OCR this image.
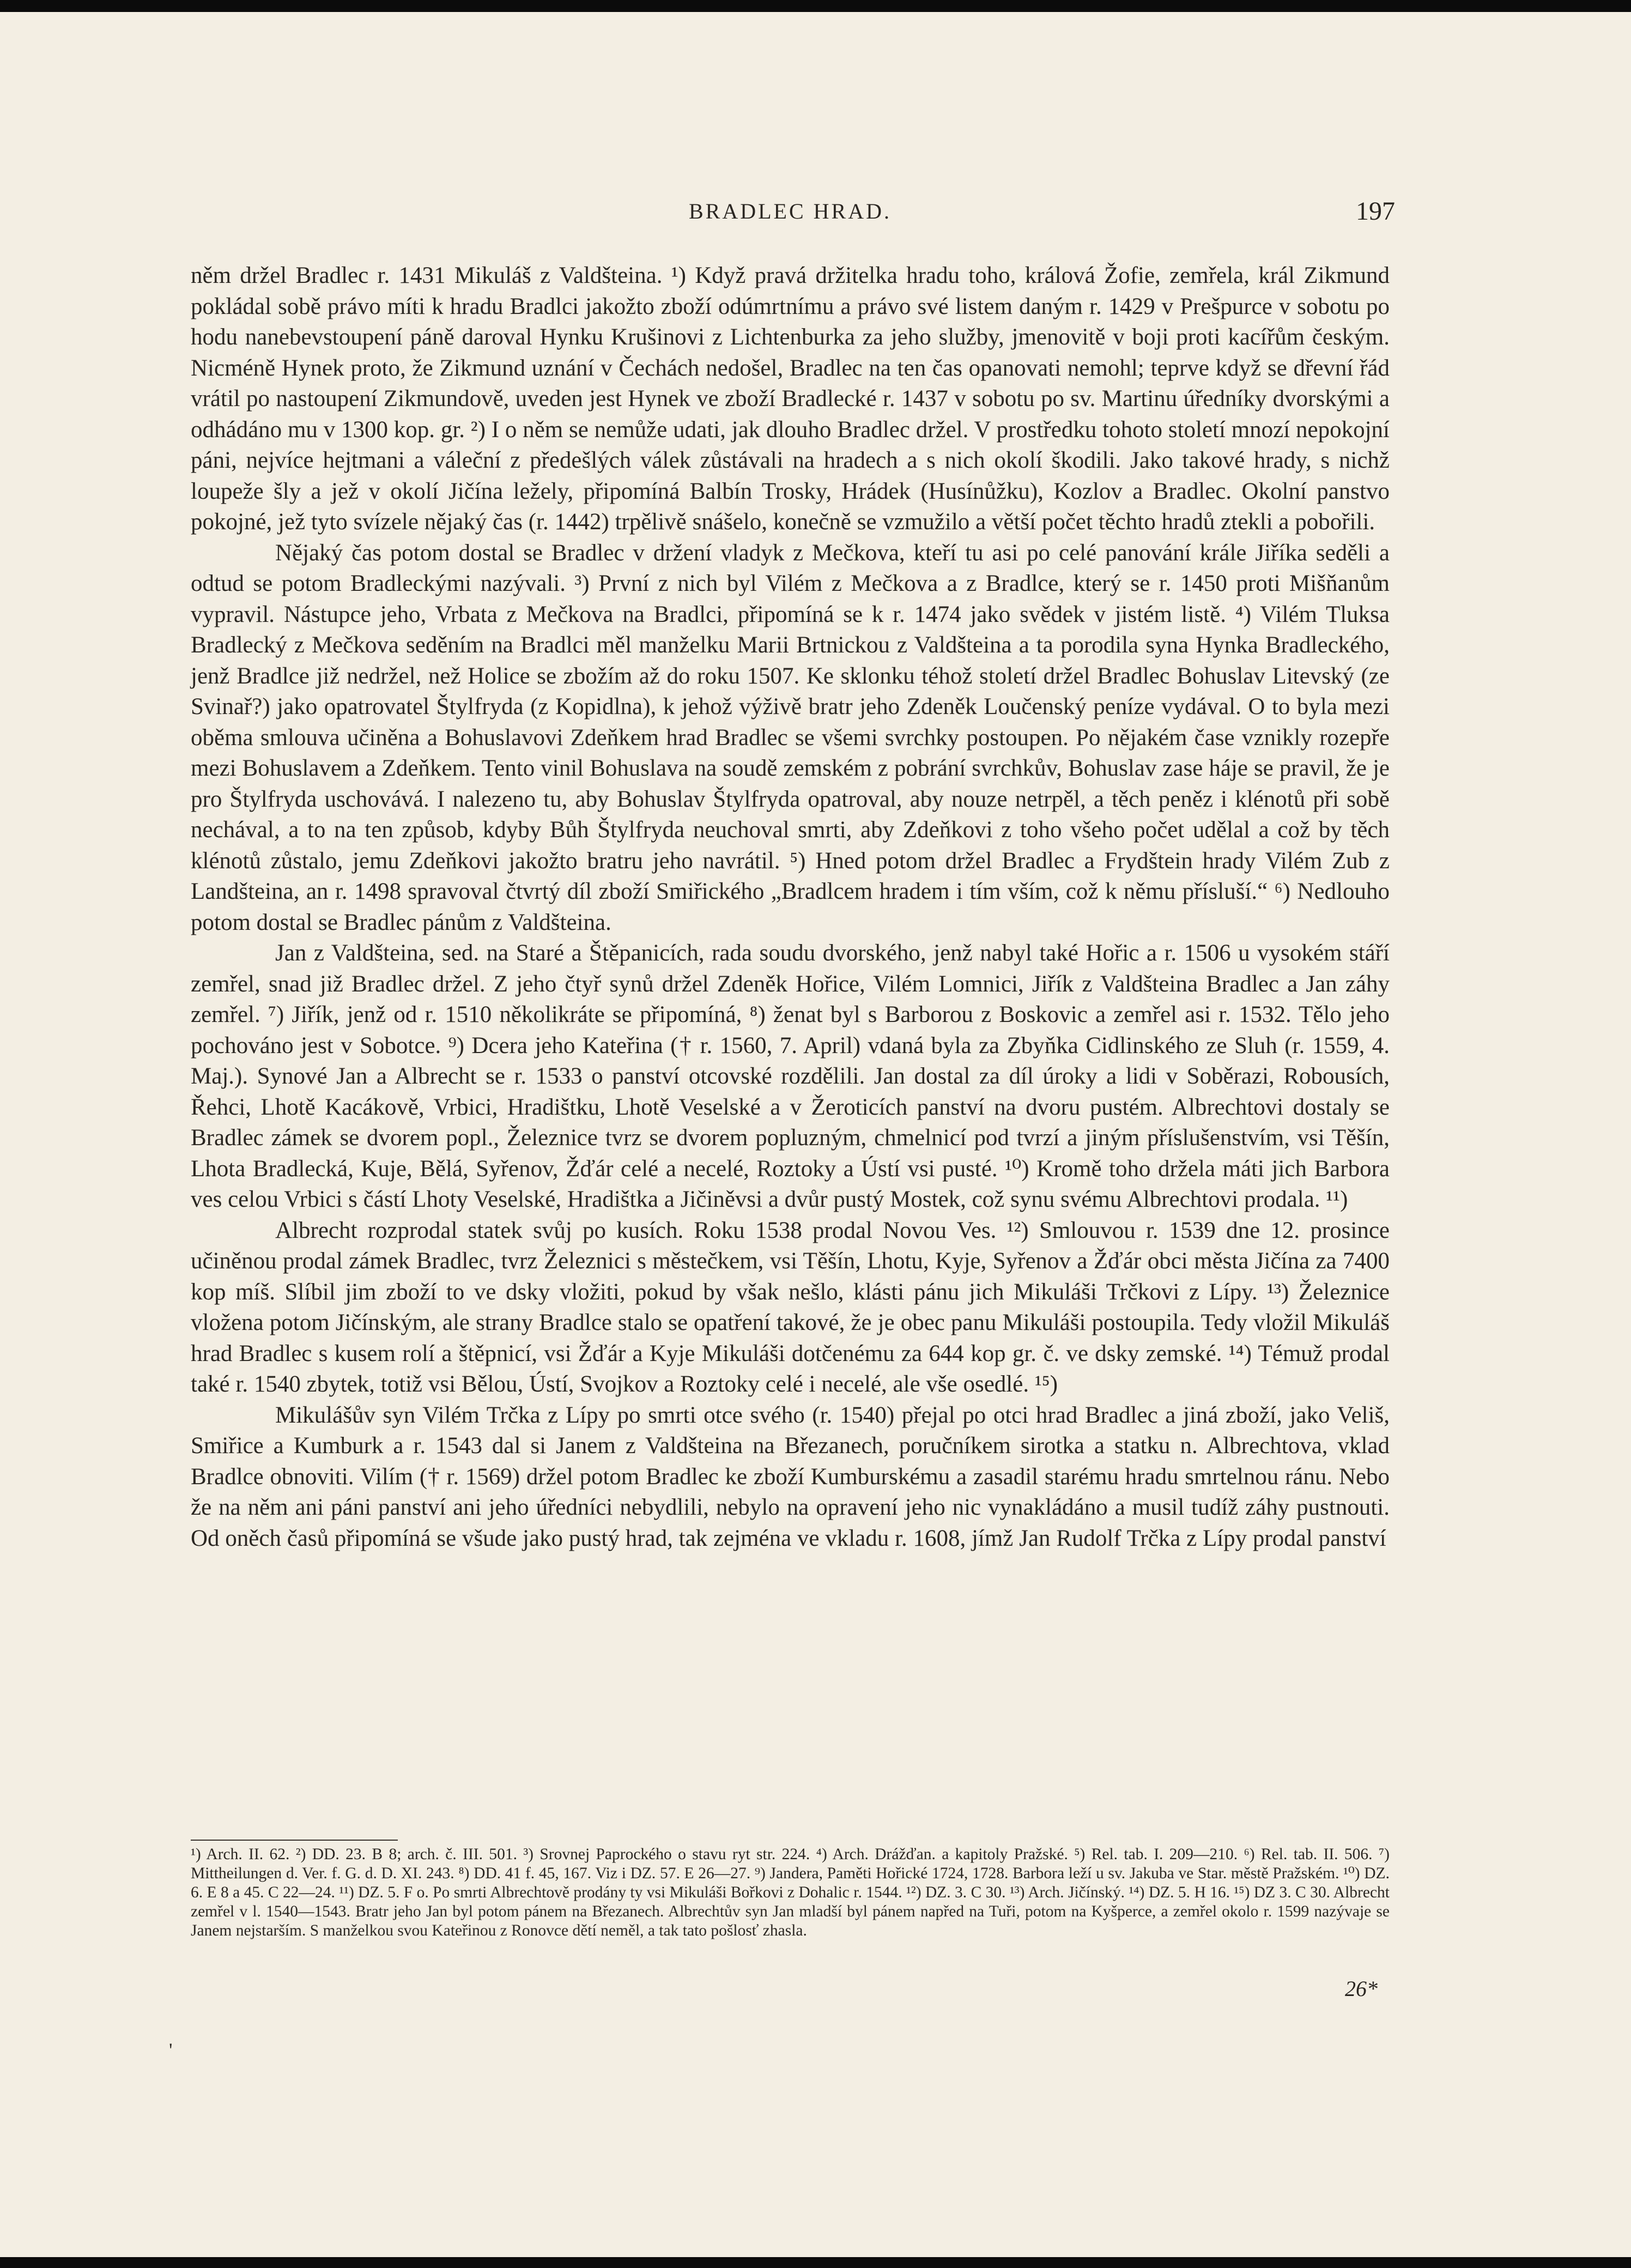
BRADLEC HRAD.	197

něm držel Bradlec r. 1431 Mikuláš z Valdšteina. ¹) Když pravá držitelka hradu toho, králová Žofie, zemřela, král Zikmund pokládal sobě právo míti k hradu Bradlci jakožto zboží odúmrtnímu a právo své listem daným r. 1429 v Prešpurce v sobotu po hodu nanebevstoupení páně daroval Hynku Krušinovi z Lichtenburka za jeho služby, jmenovitě v boji proti kacířům českým. Nicméně Hynek proto, že Zikmund uznání v Čechách nedošel, Bradlec na ten čas opanovati nemohl; teprve když se dřevní řád vrátil po nastoupení Zikmundově, uveden jest Hynek ve zboží Bradlecké r. 1437 v sobotu po sv. Martinu úředníky dvorskými a odhádáno mu v 1300 kop. gr. ²) I o něm se nemůže udati, jak dlouho Bradlec držel. V prostředku tohoto století mnozí nepokojní páni, nejvíce hejtmani a váleční z předešlých válek zůstávali na hradech a s nich okolí škodili. Jako takové hrady, s nichž loupeže šly a jež v okolí Jičína ležely, připomíná Balbín Trosky, Hrádek (Husínůžku), Kozlov a Bradlec. Okolní panstvo pokojné, jež tyto svízele nějaký čas (r. 1442) trpělivě snášelo, konečně se vzmužilo a větší počet těchto hradů ztekli a pobořili.

Nějaký čas potom dostal se Bradlec v držení vladyk z Mečkova, kteří tu asi po celé panování krále Jiříka seděli a odtud se potom Bradleckými nazývali. ³) První z nich byl Vilém z Mečkova a z Bradlce, který se r. 1450 proti Mišňanům vypravil. Nástupce jeho, Vrbata z Mečkova na Bradlci, připomíná se k r. 1474 jako svědek v jistém listě. ⁴) Vilém Tluksa Bradlecký z Mečkova seděním na Bradlci měl manželku Marii Brtnickou z Valdšteina a ta porodila syna Hynka Bradleckého, jenž Bradlce již nedržel, než Holice se zbožím až do roku 1507. Ke sklonku téhož století držel Bradlec Bohuslav Litevský (ze Svinař?) jako opatrovatel Štylfryda (z Kopidlna), k jehož výživě bratr jeho Zdeněk Loučenský peníze vydával. O to byla mezi oběma smlouva učiněna a Bohuslavovi Zdeňkem hrad Bradlec se všemi svrchky postoupen. Po nějakém čase vznikly rozepře mezi Bohuslavem a Zdeňkem. Tento vinil Bohuslava na soudě zemském z pobrání svrchkův, Bohuslav zase háje se pravil, že je pro Štylfryda uschovává. I nalezeno tu, aby Bohuslav Štylfryda opatroval, aby nouze netrpěl, a těch peněz i klénotů při sobě nechával, a to na ten způsob, kdyby Bůh Štylfryda neuchoval smrti, aby Zdeňkovi z toho všeho počet udělal a což by těch klénotů zůstalo, jemu Zdeňkovi jakožto bratru jeho navrátil. ⁵) Hned potom držel Bradlec a Frydštein hrady Vilém Zub z Landšteina, an r. 1498 spravoval čtvrtý díl zboží Smiřického „Bradlcem hradem i tím vším, což k němu přísluší.“ ⁶) Nedlouho potom dostal se Bradlec pánům z Valdšteina.

Jan z Valdšteina, sed. na Staré a Štěpanicích, rada soudu dvorského, jenž nabyl také Hořic a r. 1506 u vysokém stáří zemřel, snad již Bradlec držel. Z jeho čtyř synů držel Zdeněk Hořice, Vilém Lomnici, Jiřík z Valdšteina Bradlec a Jan záhy zemřel. ⁷) Jiřík, jenž od r. 1510 několikráte se připomíná, ⁸) ženat byl s Barborou z Boskovic a zemřel asi r. 1532. Tělo jeho pochováno jest v Sobotce. ⁹) Dcera jeho Kateřina († r. 1560, 7. April) vdaná byla za Zbyňka Cidlinského ze Sluh (r. 1559, 4. Maj.). Synové Jan a Albrecht se r. 1533 o panství otcovské rozdělili. Jan dostal za díl úroky a lidi v Soběrazi, Robousích, Řehci, Lhotě Kacákově, Vrbici, Hradištku, Lhotě Veselské a v Žeroticích panství na dvoru pustém. Albrechtovi dostaly se Bradlec zámek se dvorem popl., Železnice tvrz se dvorem popluzným, chmelnicí pod tvrzí a jiným příslušenstvím, vsi Těšín, Lhota Bradlecká, Kuje, Bělá, Syřenov, Žďár celé a necelé, Roztoky a Ústí vsi pusté. ¹⁰) Kromě toho držela máti jich Barbora ves celou Vrbici s částí Lhoty Veselské, Hradištka a Jičiněvsi a dvůr pustý Mostek, což synu svému Albrechtovi prodala. ¹¹)

Albrecht rozprodal statek svůj po kusích. Roku 1538 prodal Novou Ves. ¹²) Smlouvou r. 1539 dne 12. prosince učiněnou prodal zámek Bradlec, tvrz Železnici s městečkem, vsi Těšín, Lhotu, Kyje, Syřenov a Žďár obci města Jičína za 7400 kop míš. Slíbil jim zboží to ve dsky vložiti, pokud by však nešlo, klásti pánu jich Mikuláši Trčkovi z Lípy. ¹³) Železnice vložena potom Jičínským, ale strany Bradlce stalo se opatření takové, že je obec panu Mikuláši postoupila. Tedy vložil Mikuláš hrad Bradlec s kusem rolí a štěpnicí, vsi Žďár a Kyje Mikuláši dotčenému za 644 kop gr. č. ve dsky zemské. ¹⁴) Témuž prodal také r. 1540 zbytek, totiž vsi Bělou, Ústí, Svojkov a Roztoky celé i necelé, ale vše osedlé. ¹⁵)

Mikulášův syn Vilém Trčka z Lípy po smrti otce svého (r. 1540) přejal po otci hrad Bradlec a jiná zboží, jako Veliš, Smiřice a Kumburk a r. 1543 dal si Janem z Valdšteina na Březanech, poručníkem sirotka a statku n. Albrechtova, vklad Bradlce obnoviti. Vilím († r. 1569) držel potom Bradlec ke zboží Kumburskému a zasadil starému hradu smrtelnou ránu. Nebo že na něm ani páni panství ani jeho úředníci nebydlili, nebylo na opravení jeho nic vynakládáno a musil tudíž záhy pustnouti. Od oněch časů připomíná se všude jako pustý hrad, tak zejména ve vkladu r. 1608, jímž Jan Rudolf Trčka z Lípy prodal panství

¹) Arch. II. 62. ²) DD. 23. B 8; arch. č. III. 501. ³) Srovnej Paprockého o stavu ryt str. 224. ⁴) Arch. Drážďan. a kapitoly Pražské. ⁵) Rel. tab. I. 209—210. ⁶) Rel. tab. II. 506. ⁷) Mittheilungen d. Ver. f. G. d. D. XI. 243. ⁸) DD. 41 f. 45, 167. Viz i DZ. 57. E 26—27. ⁹) Jandera, Paměti Hořické 1724, 1728. Barbora leží u sv. Jakuba ve Star. městě Pražském. ¹⁰) DZ. 6. E 8 a 45. C 22—24. ¹¹) DZ. 5. F o. Po smrti Albrechtově prodány ty vsi Mikuláši Bořkovi z Dohalic r. 1544. ¹²) DZ. 3. C 30. ¹³) Arch. Jičínský. ¹⁴) DZ. 5. H 16. ¹⁵) DZ 3. C 30. Albrecht zemřel v l. 1540—1543. Bratr jeho Jan byl potom pánem na Březanech. Albrechtův syn Jan mladší byl pánem napřed na Tuři, potom na Kyšperce, a zemřel okolo r. 1599 nazývaje se Janem nejstarším. S manželkou svou Kateřinou z Ronovce dětí neměl, a tak tato pošlosť zhasla.

26*
'
